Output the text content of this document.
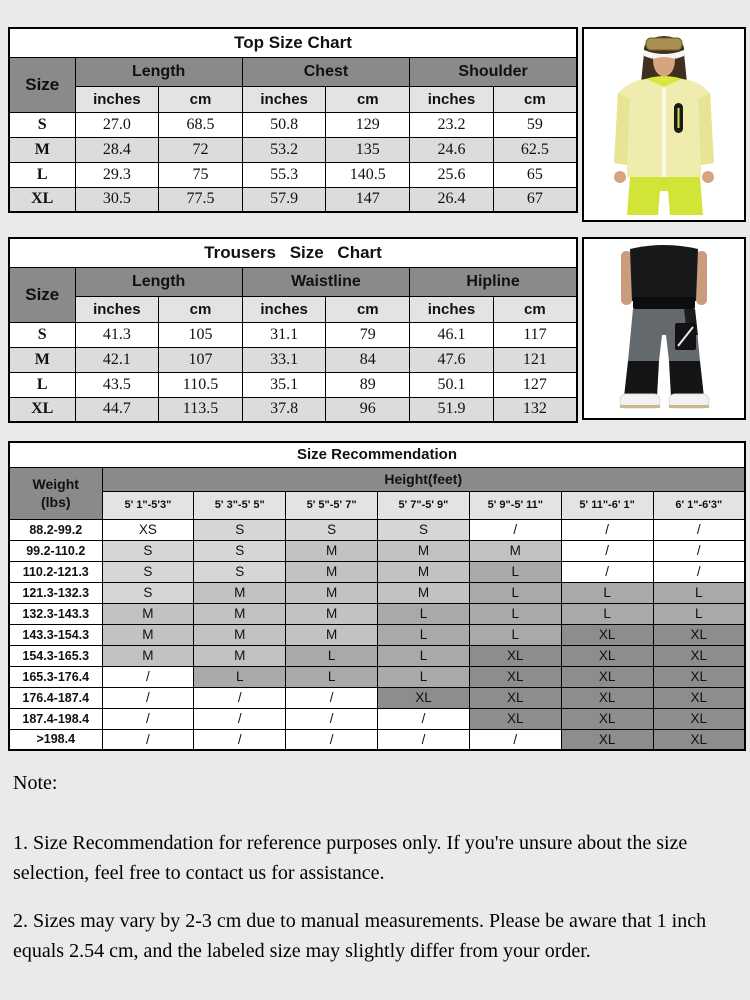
Top Size Chart						
Size	Length		Chest		Shoulder	
	inches	cm	inches	cm	inches	cm
S	27.0	68.5	50.8	129	23.2	59
M	28.4	72	53.2	135	24.6	62.5
L	29.3	75	55.3	140.5	25.6	65
XL	30.5	77.5	57.9	147	26.4	67
Trousers Size Chart						
Size	Length		Waistline		Hipline	
	inches	cm	inches	cm	inches	cm
S	41.3	105	31.1	79	46.1	117
M	42.1	107	33.1	84	47.6	121
L	43.5	110.5	35.1	89	50.1	127
XL	44.7	113.5	37.8	96	51.9	132
Size Recommendation							
Weight
(lbs)	Height(feet)						
	5' 1"-5'3"	5' 3"-5' 5"	5' 5"-5' 7"	5' 7"-5' 9"	5' 9"-5' 11"	5' 11"-6' 1"	6' 1"-6'3"
88.2-99.2	XS	S	S	S	/	/	/
99.2-110.2	S	S	M	M	M	/	/
110.2-121.3	S	S	M	M	L	/	/
121.3-132.3	S	M	M	M	L	L	L
132.3-143.3	M	M	M	L	L	L	L
143.3-154.3	M	M	M	L	L	XL	XL
154.3-165.3	M	M	L	L	XL	XL	XL
165.3-176.4	/	L	L	L	XL	XL	XL
176.4-187.4	/	/	/	XL	XL	XL	XL
187.4-198.4	/	/	/	/	XL	XL	XL
>198.4	/	/	/	/	/	XL	XL
Note:

1. Size Recommendation for reference purposes only. If you're unsure about the size selection, feel free to contact us for assistance.

2. Sizes may vary by 2-3 cm due to manual measurements. Please be aware that 1 inch equals 2.54 cm, and the labeled size may slightly differ from your order.
